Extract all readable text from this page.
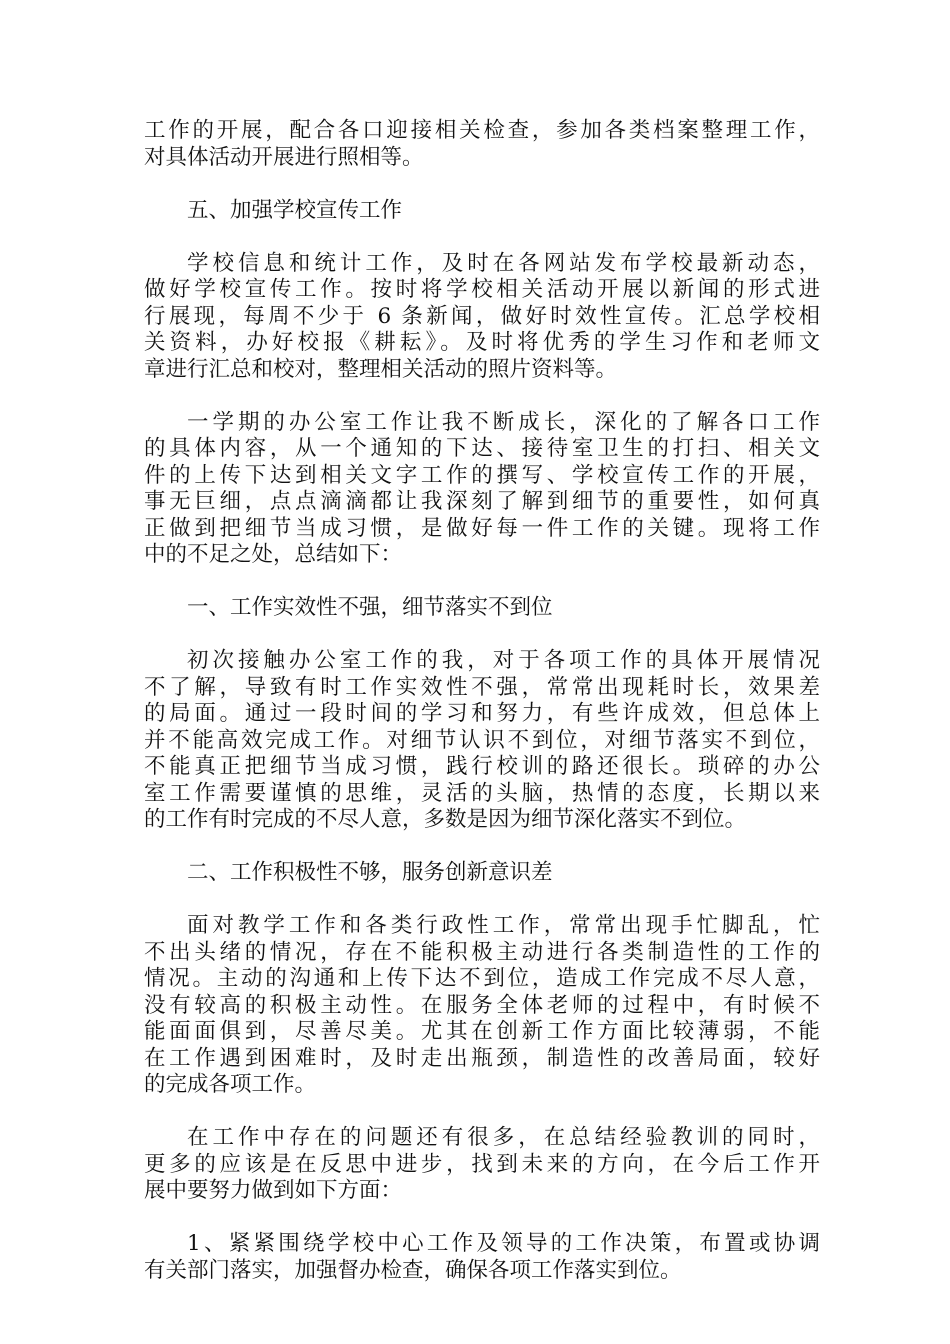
工作的开展，配合各口迎接相关检查，参加各类档案整理工作，
对具体活动开展进行照相等。
五、加强学校宣传工作
学校信息和统计工作，及时在各网站发布学校最新动态，
做好学校宣传工作。按时将学校相关活动开展以新闻的形式进
行展现，每周不少于 6 条新闻，做好时效性宣传。汇总学校相
关资料，办好校报《耕耘》。及时将优秀的学生习作和老师文
章进行汇总和校对，整理相关活动的照片资料等。
一学期的办公室工作让我不断成长，深化的了解各口工作
的具体内容，从一个通知的下达、接待室卫生的打扫、相关文
件的上传下达到相关文字工作的撰写、学校宣传工作的开展，
事无巨细，点点滴滴都让我深刻了解到细节的重要性，如何真
正做到把细节当成习惯，是做好每一件工作的关键。现将工作
中的不足之处，总结如下：
一、工作实效性不强，细节落实不到位
初次接触办公室工作的我，对于各项工作的具体开展情况
不了解，导致有时工作实效性不强，常常出现耗时长，效果差
的局面。通过一段时间的学习和努力，有些许成效，但总体上
并不能高效完成工作。对细节认识不到位，对细节落实不到位，
不能真正把细节当成习惯，践行校训的路还很长。琐碎的办公
室工作需要谨慎的思维，灵活的头脑，热情的态度，长期以来
的工作有时完成的不尽人意，多数是因为细节深化落实不到位。
二、工作积极性不够，服务创新意识差
面对教学工作和各类行政性工作，常常出现手忙脚乱，忙
不出头绪的情况，存在不能积极主动进行各类制造性的工作的
情况。主动的沟通和上传下达不到位，造成工作完成不尽人意，
没有较高的积极主动性。在服务全体老师的过程中，有时候不
能面面俱到，尽善尽美。尤其在创新工作方面比较薄弱，不能
在工作遇到困难时，及时走出瓶颈，制造性的改善局面，较好
的完成各项工作。
在工作中存在的问题还有很多，在总结经验教训的同时，
更多的应该是在反思中进步，找到未来的方向，在今后工作开
展中要努力做到如下方面：
1、紧紧围绕学校中心工作及领导的工作决策，布置或协调
有关部门落实，加强督办检查，确保各项工作落实到位。
